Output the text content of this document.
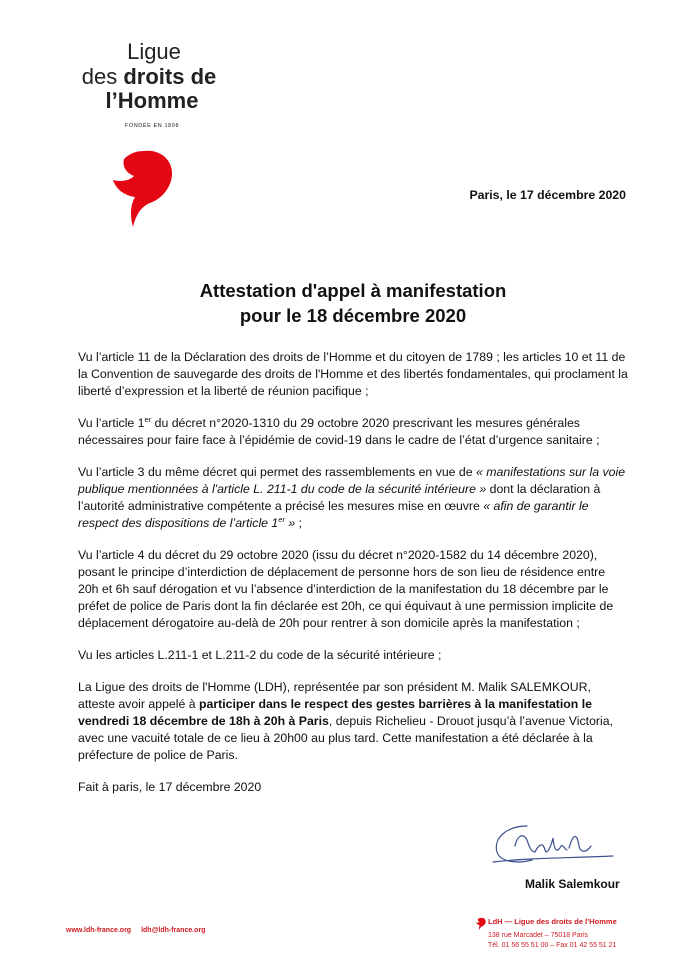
Ligue
des droits de
l’Homme
FONDÉE EN 1898
Paris, le 17 décembre 2020
Attestation d'appel à manifestation
pour le 18 décembre 2020

Vu l’article 11 de la Déclaration des droits de l’Homme et du citoyen de 1789 ; les articles 10 et 11 de la Convention de sauvegarde des droits de l'Homme et des libertés fondamentales, qui proclament la liberté d’expression et la liberté de réunion pacifique ;

Vu l’article 1er du décret n°2020-1310 du 29 octobre 2020 prescrivant les mesures générales nécessaires pour faire face à l’épidémie de covid-19 dans le cadre de l’état d’urgence sanitaire ;

Vu l’article 3 du même décret qui permet des rassemblements en vue de « manifestations sur la voie publique mentionnées à l'article L. 211-1 du code de la sécurité intérieure » dont la déclaration à l’autorité administrative compétente a précisé les mesures mise en œuvre « afin de garantir le respect des dispositions de l’article 1er » ;

Vu l’article 4 du décret du 29 octobre 2020 (issu du décret n°2020-1582 du 14 décembre 2020), posant le principe d’interdiction de déplacement de personne hors de son lieu de résidence entre 20h et 6h sauf dérogation et vu l’absence d’interdiction de la manifestation du 18 décembre par le préfet de police de Paris dont la fin déclarée est 20h, ce qui équivaut à une permission implicite de déplacement dérogatoire au-delà de 20h pour rentrer à son domicile après la manifestation ;

Vu les articles L.211-1 et L.211-2 du code de la sécurité intérieure ;

La Ligue des droits de l'Homme (LDH), représentée par son président M. Malik SALEMKOUR, atteste avoir appelé à participer dans le respect des gestes barrières à la manifestation le vendredi 18 décembre de 18h à 20h à Paris, depuis Richelieu - Drouot jusqu’à l’avenue Victoria, avec une vacuité totale de ce lieu à 20h00 au plus tard. Cette manifestation a été déclarée à la préfecture de police de Paris.

Fait à paris, le 17 décembre 2020

Malik Salemkour
www.ldh-france.org ldh@ldh-france.org
LdH — Ligue des droits de l’Homme
138 rue Marcadet – 75018 Paris
Tél. 01 56 55 51 00 – Fax 01 42 55 51 21
